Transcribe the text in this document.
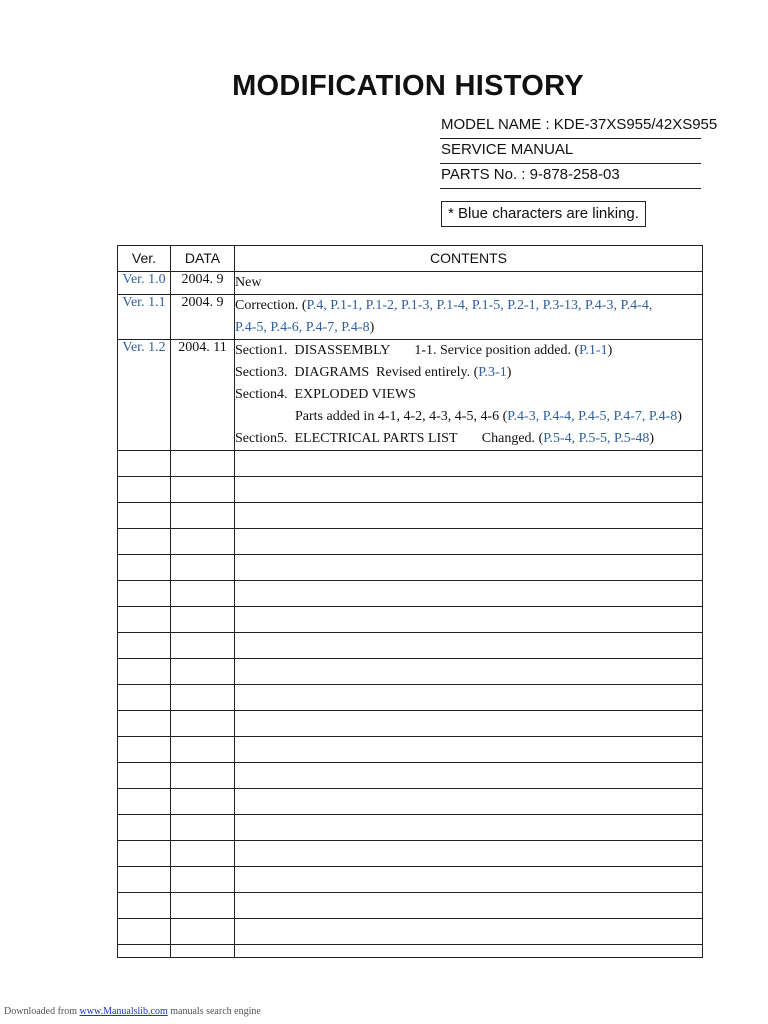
MODIFICATION HISTORY
MODEL NAME : KDE-37XS955/42XS955
SERVICE MANUAL
PARTS No. : 9-878-258-03
* Blue characters are linking.
Ver.	DATA	CONTENTS
Ver. 1.0	2004. 9	New
Ver. 1.1	2004. 9	Correction. (P.4, P.1-1, P.1-2, P.1-3, P.1-4, P.1-5, P.2-1, P.3-13, P.4-3, P.4-4,
P.4-5, P.4-6, P.4-7, P.4-8)

Ver. 1.2	2004. 11	Section1.  DISASSEMBLY       1-1. Service position added. (P.1-1)
Section3.  DIAGRAMS  Revised entirely. (P.3-1)
Section4.  EXPLODED VIEWS
Parts added in 4-1, 4-2, 4-3, 4-5, 4-6 (P.4-3, P.4-4, P.4-5, P.4-7, P.4-8)
Section5.  ELECTRICAL PARTS LIST       Changed. (P.5-4, P.5-5, P.5-48)

Downloaded from www.Manualslib.com manuals search engine
